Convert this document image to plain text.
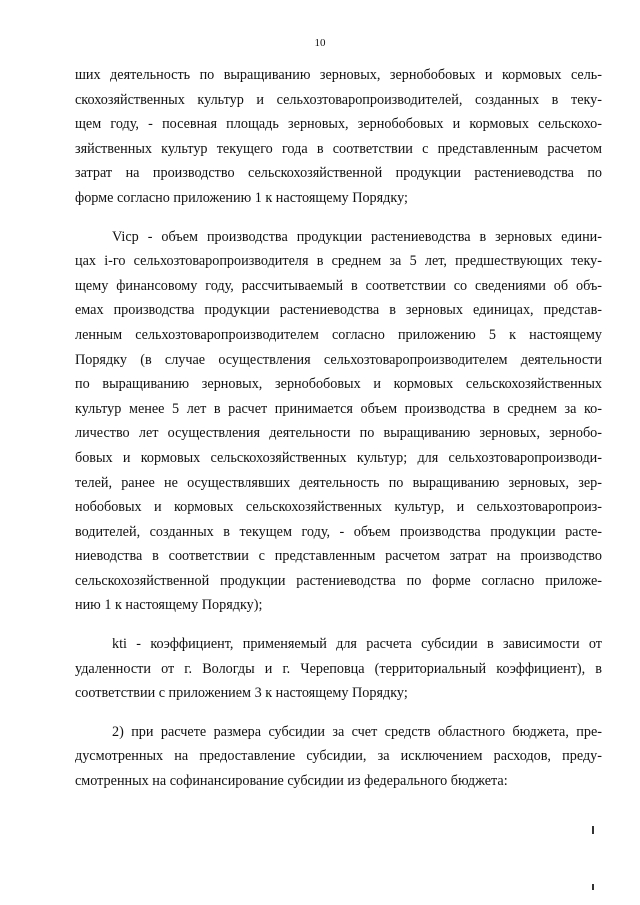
10
ших деятельность по выращиванию зерновых, зернобобовых и кормовых сель-
скохозяйственных культур и сельхозтоваропроизводителей, созданных в теку-
щем году, - посевная площадь зерновых, зернобобовых и кормовых сельскохо-
зяйственных культур текущего года в соответствии с представленным расчетом
затрат на производство сельскохозяйственной продукции растениеводства по
форме согласно приложению 1 к настоящему Порядку;
Vicp - объем производства продукции растениеводства в зерновых едини-
цах i-го сельхозтоваропроизводителя в среднем за 5 лет, предшествующих теку-
щему финансовому году, рассчитываемый в соответствии со сведениями об объ-
емах производства продукции растениеводства в зерновых единицах, представ-
ленным сельхозтоваропроизводителем согласно приложению 5 к настоящему
Порядку (в случае осуществления сельхозтоваропроизводителем деятельности
по выращиванию зерновых, зернобобовых и кормовых сельскохозяйственных
культур менее 5 лет в расчет принимается объем производства в среднем за ко-
личество лет осуществления деятельности по выращиванию зерновых, зернобо-
бовых и кормовых сельскохозяйственных культур; для сельхозтоваропроизводи-
телей, ранее не осуществлявших деятельность по выращиванию зерновых, зер-
нобобовых и кормовых сельскохозяйственных культур, и сельхозтоваропроиз-
водителей, созданных в текущем году, - объем производства продукции расте-
ниеводства в соответствии с представленным расчетом затрат на производство
сельскохозяйственной продукции растениеводства по форме согласно приложе-
нию 1 к настоящему Порядку);
kti - коэффициент, применяемый для расчета субсидии в зависимости от
удаленности от г. Вологды и г. Череповца (территориальный коэффициент), в
соответствии с приложением 3 к настоящему Порядку;
2) при расчете размера субсидии за счет средств областного бюджета, пре-
дусмотренных на предоставление субсидии, за исключением расходов, преду-
смотренных на софинансирование субсидии из федерального бюджета:
